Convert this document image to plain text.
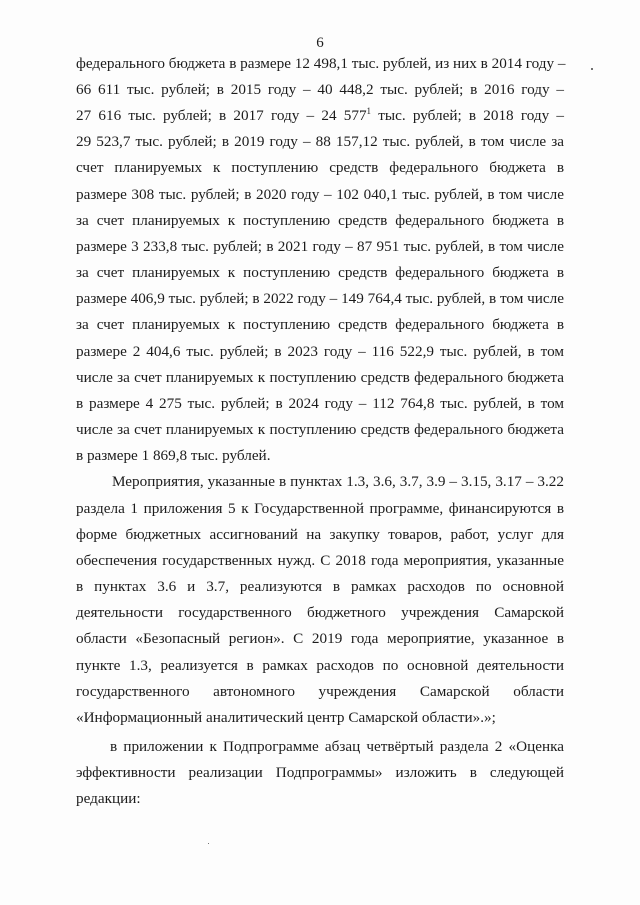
6
федерального бюджета в размере 12 498,1 тыс. рублей, из них в 2014 году –
66 611 тыс. рублей; в 2015 году – 40 448,2 тыс. рублей; в 2016 году –
27 616 тыс. рублей; в 2017 году – 24 $577^1$ тыс. рублей; в 2018 году –
29 523,7 тыс. рублей; в 2019 году – 88 157,12 тыс. рублей, в том числе за
счет планируемых к поступлению средств федерального бюджета в
размере 308 тыс. рублей; в 2020 году – 102 040,1 тыс. рублей, в том числе
за счет планируемых к поступлению средств федерального бюджета в
размере 3 233,8 тыс. рублей; в 2021 году – 87 951 тыс. рублей, в том числе
за счет планируемых к поступлению средств федерального бюджета в
размере 406,9 тыс. рублей; в 2022 году – 149 764,4 тыс. рублей, в том числе
за счет планируемых к поступлению средств федерального бюджета в
размере 2 404,6 тыс. рублей; в 2023 году – 116 522,9 тыс. рублей, в том
числе за счет планируемых к поступлению средств федерального бюджета
в размере 4 275 тыс. рублей; в 2024 году – 112 764,8 тыс. рублей, в том
числе за счет планируемых к поступлению средств федерального бюджета
в размере 1 869,8 тыс. рублей.
Мероприятия, указанные в пунктах 1.3, 3.6, 3.7, 3.9 – 3.15, 3.17 – 3.22
раздела 1 приложения 5 к Государственной программе, финансируются в
форме бюджетных ассигнований на закупку товаров, работ, услуг для
обеспечения государственных нужд. С 2018 года мероприятия, указанные
в пунктах 3.6 и 3.7, реализуются в рамках расходов по основной
деятельности государственного бюджетного учреждения Самарской
области «Безопасный регион». С 2019 года мероприятие, указанное в
пункте 1.3, реализуется в рамках расходов по основной деятельности
государственного автономного учреждения Самарской области
«Информационный аналитический центр Самарской области».»;
в приложении к Подпрограмме абзац четвёртый раздела 2 «Оценка
эффективности реализации Подпрограммы» изложить в следующей
редакции:
